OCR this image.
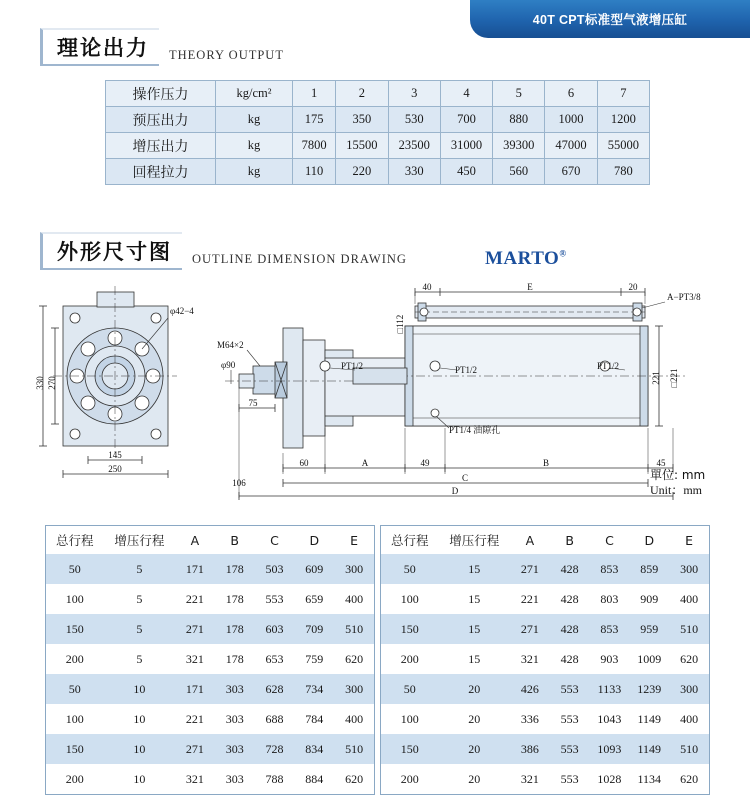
40T CPT标准型气液增压缸
理论出力	THEORY OUTPUT
操作压力	kg/cm²	1	2	3	4	5	6	7
预压出力	kg	175	350	530	700	880	1000	1200
增压出力	kg	7800	15500	23500	31000	39300	47000	55000
回程拉力	kg	110	220	330	450	560	670	780
外形尺寸图	OUTLINE DIMENSION DRAWING	MARTO®
φ42−4
330 270
145
250
M64×2
φ90
75
106
60	A	49	B	45
C
D
40	E	20
A−PT3/8
□112
221 □221
PT1/2	PT1/2	PT1/2
PT1/4 油隙孔
單位: mm
Unit：mm
总行程	增压行程	A	B	C	D	E
50	5	171	178	503	609	300
100	5	221	178	553	659	400
150	5	271	178	603	709	510
200	5	321	178	653	759	620
50	10	171	303	628	734	300
100	10	221	303	688	784	400
150	10	271	303	728	834	510
200	10	321	303	788	884	620
总行程	增压行程	A	B	C	D	E
50	15	271	428	853	859	300
100	15	221	428	803	909	400
150	15	271	428	853	959	510
200	15	321	428	903	1009	620
50	20	426	553	1133	1239	300
100	20	336	553	1043	1149	400
150	20	386	553	1093	1149	510
200	20	321	553	1028	1134	620
